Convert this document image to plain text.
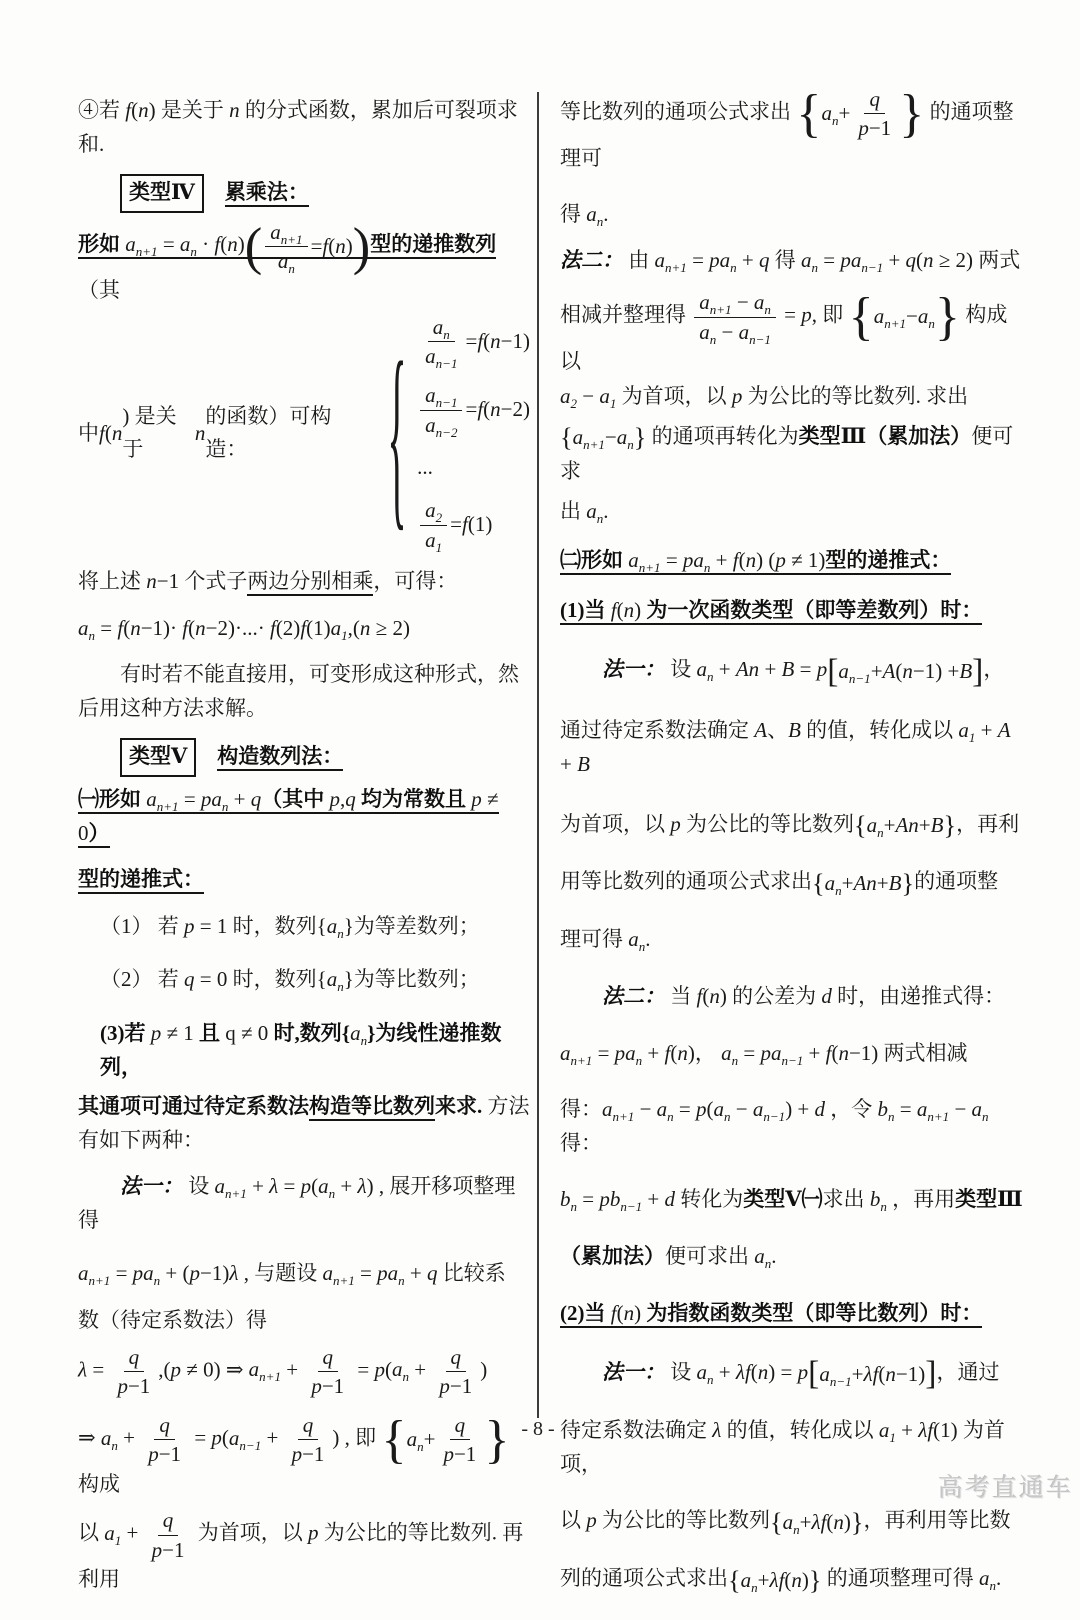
④若 f(n) 是关于 n 的分式函数，累加后可裂项求和.
类型Ⅳ　 累乘法：
形如 $a_{n+1} = a_n \cdot f(n)$ ( $\frac{a_{n+1}}{a_n} = f$ ( n ) ) 型的递推数列（其
中 f ( n
) 是关于
n
的函数）可构造：	{ $\frac{a_n}{a_{n-1}} = f$ ( n −1)
$\frac{a_{n-1}}{a_{n-2}} = f$ ( n −2)
...
$\frac{a_2}{a_1} = f$ (1)
将上述 n−1 个式子两边分别相乘，可得：
$a_n = f(n-1)\cdot f(n-2)\cdot...\cdot f(2)f(1)a_1,(n \ge 2)$
有时若不能直接用，可变形成这种形式，然后用这种方法求解。
类型Ⅴ　 构造数列法：
㈠形如 $a_{n+1} = pa_n + q$（其中 p,q 均为常数且 p ≠ 0）
型的递推式：
（1） 若 p = 1 时，数列$\{a_n\}$为等差数列；
（2） 若 q = 0 时，数列$\{a_n\}$为等比数列；
(3)若 p ≠ 1 且 q ≠ 0 时,数列$\{a_n\}$为线性递推数列，
其通项可通过待定系数法构造等比数列来求. 方法有如下两种：
法一： 设 $a_{n+1} + \lambda = p(a_n + \lambda)$ , 展开移项整理得
$a_{n+1} = pa_n + (p-1)\lambda$ , 与题设 $a_{n+1} = pa_n + q$ 比较系
数（待定系数法）得
$\lambda = \frac{q}{p-1} ,(p \ne 0)$ ⇒ $a_{n+1} + \frac{q}{p-1} = p(a_n + \frac{q}{p-1}$ )
⇒ $a_n + \frac{q}{p-1} = p(a_{n-1} + \frac{q}{p-1}$ ) , 即 { $a_n + \frac{q}{p-1}$ }
构成
以 $a_1 + \frac{q}{p-1}$ 为首项，以 p 为公比的等比数列. 再利用
等比数列的通项公式求出 { $a_n + \frac{q}{p-1}$ } 的通项整理可
得 $a_n$.
法二： 由 $a_{n+1} = pa_n + q$ 得 $a_n = pa_{n-1} + q(n \ge 2)$ 两式
相减并整理得 $\frac{a_{n+1} - a_n}{a_n - a_{n-1}} = p$, 即 { $a_{n+1} - a_n$ } 构成以
$a_2 - a_1$ 为首项，以 p 为公比的等比数列. 求出
{ $a_{n+1} - a_n$ } 的通项再转化为类型Ⅲ（累加法）便可求
出 $a_n$.
㈡形如 $a_{n+1} = pa_n + f(n) (p \ne 1)$型的递推式：
(1)当 f(n) 为一次函数类型（即等差数列）时：
法一： 设 $a_n + An + B = p$ [ $a_{n-1} + A$ ( n −1) + B ] ，
通过待定系数法确定 A、B 的值，转化成以 $a_1 + A + B$
为首项，以 p 为公比的等比数列 { $a_n + An + B$ } ，再利
用等比数列的通项公式求出 { $a_n + An + B$ } 的通项整
理可得 $a_n$.
法二： 当 f(n) 的公差为 d 时，由递推式得：
$a_{n+1} = pa_n + f(n)$， $a_n = pa_{n-1} + f(n-1)$ 两式相减
得：$a_{n+1} - a_n = p(a_n - a_{n-1}) + d$ ，令 $b_n = a_{n+1} - a_n$ 得：
$b_n = pb_{n-1} + d$ 转化为类型Ⅴ㈠求出 $b_n$ ，再用类型Ⅲ
（累加法）便可求出 $a_n$.
(2)当 f(n) 为指数函数类型（即等比数列）时：
法一： 设 $a_n + \lambda f(n) = p$ [ $a_{n-1} + \lambda f$ ( n −1) ] ，通过
待定系数法确定 λ 的值，转化成以 $a_1 + \lambda f(1)$ 为首项，
以 p 为公比的等比数列 { $a_n + \lambda f$ ( n ) } ，再利用等比数
列的通项公式求出 { $a_n + \lambda f$ ( n ) } 的通项整理可得 $a_n$.
- 8 -
高考直通车
